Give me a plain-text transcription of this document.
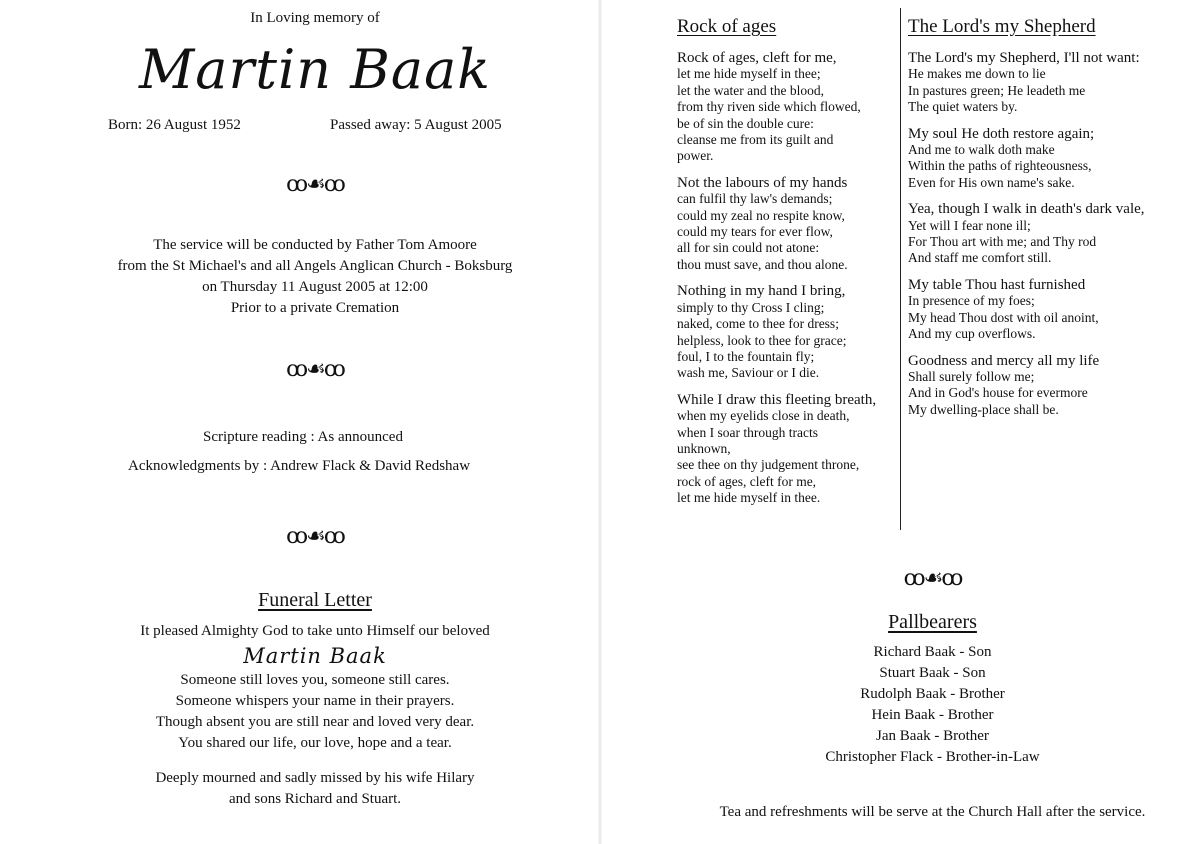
In Loving memory of
Martin Baak
Born: 26 August 1952	Passed away: 5 August 2005
ꝏ☙ꝏ
The service will be conducted by Father Tom Amoore
from the St Michael's and all Angels Anglican Church - Boksburg
on Thursday 11 August 2005 at 12:00
Prior to a private Cremation
ꝏ☙ꝏ
Scripture reading : As announced
Acknowledgments by : Andrew Flack & David Redshaw
ꝏ☙ꝏ
Funeral Letter
It pleased Almighty God to take unto Himself our beloved
Martin Baak
Someone still loves you, someone still cares.
Someone whispers your name in their prayers.
Though absent you are still near and loved very dear.
You shared our life, our love, hope and a tear.
Deeply mourned and sadly missed by his wife Hilary
and sons Richard and Stuart.
Rock of ages

Rock of ages, cleft for me,

let me hide myself in thee;

let the water and the blood,

from thy riven side which flowed,

be of sin the double cure:

cleanse me from its guilt and

power.

Not the labours of my hands

can fulfil thy law's demands;

could my zeal no respite know,

could my tears for ever flow,

all for sin could not atone:

thou must save, and thou alone.

Nothing in my hand I bring,

simply to thy Cross I cling;

naked, come to thee for dress;

helpless, look to thee for grace;

foul, I to the fountain fly;

wash me, Saviour or I die.

While I draw this fleeting breath,

when my eyelids close in death,

when I soar through tracts

unknown,

see thee on thy judgement throne,

rock of ages, cleft for me,

let me hide myself in thee.

The Lord's my Shepherd

The Lord's my Shepherd, I'll not want:

He makes me down to lie

In pastures green; He leadeth me

The quiet waters by.

My soul He doth restore again;

And me to walk doth make

Within the paths of righteousness,

Even for His own name's sake.

Yea, though I walk in death's dark vale,

Yet will I fear none ill;

For Thou art with me; and Thy rod

And staff me comfort still.

My table Thou hast furnished

In presence of my foes;

My head Thou dost with oil anoint,

And my cup overflows.

Goodness and mercy all my life

Shall surely follow me;

And in God's house for evermore

My dwelling-place shall be.

ꝏ☙ꝏ
Pallbearers
Richard Baak - Son
Stuart Baak - Son
Rudolph Baak - Brother
Hein Baak - Brother
Jan Baak - Brother
Christopher Flack - Brother-in-Law
Tea and refreshments will be serve at the Church Hall after the service.
